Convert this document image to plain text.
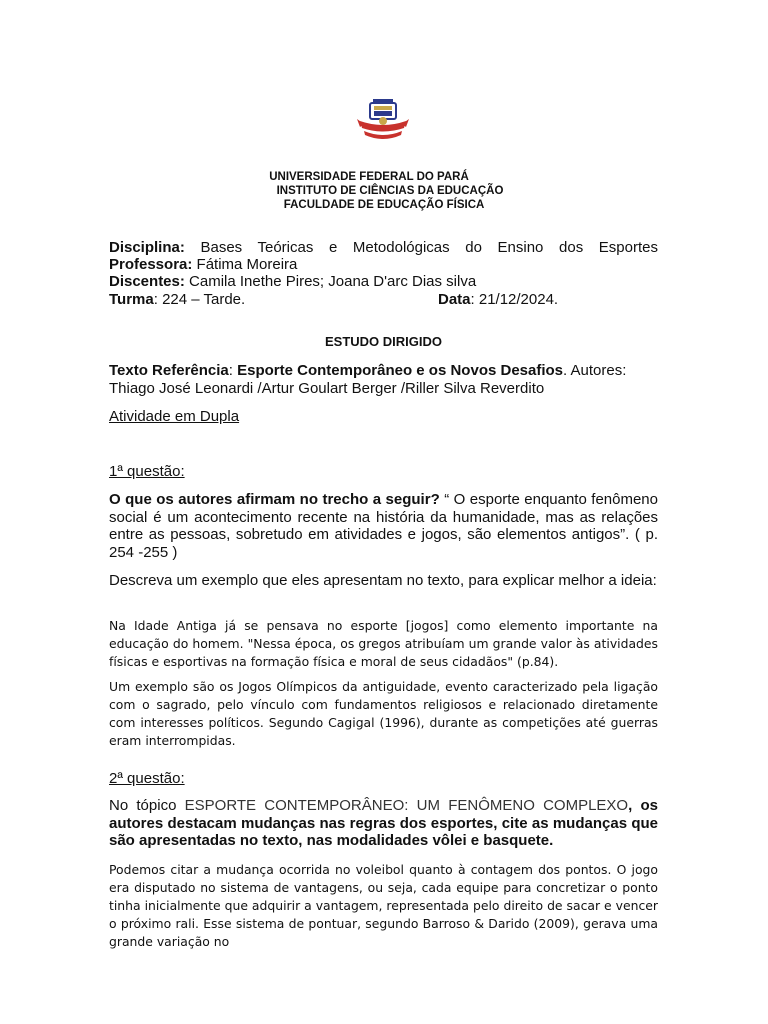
UNIVERSIDADE FEDERAL DO PARÁ
INSTITUTO DE CIÊNCIAS DA EDUCAÇÃO
FACULDADE DE EDUCAÇÃO FÍSICA
Disciplina: Bases Teóricas e Metodológicas do Ensino dos Esportes
Professora: Fátima Moreira
Discentes: Camila Inethe Pires; Joana D'arc Dias silva
Turma: 224 – Tarde.	Data: 21/12/2024.
ESTUDO DIRIGIDO
Texto Referência: Esporte Contemporâneo e os Novos Desafios. Autores: Thiago José Leonardi /Artur Goulart Berger /Riller Silva Reverdito
Atividade em Dupla
1ª questão:
O que os autores afirmam no trecho a seguir? “ O esporte enquanto fenômeno social é um acontecimento recente na história da humanidade, mas as relações entre as pessoas, sobretudo em atividades e jogos, são elementos antigos”. ( p. 254 -255 )
Descreva um exemplo que eles apresentam no texto, para explicar melhor a ideia:
Na Idade Antiga já se pensava no esporte [jogos] como elemento importante na educação do homem. "Nessa época, os gregos atribuíam um grande valor às atividades físicas e esportivas na formação física e moral de seus cidadãos" (p.84).
Um exemplo são os Jogos Olímpicos da antiguidade, evento caracterizado pela ligação com o sagrado, pelo vínculo com fundamentos religiosos e relacionado diretamente com interesses políticos. Segundo Cagigal (1996), durante as competições até guerras eram interrompidas.
2ª questão:
No tópico ESPORTE CONTEMPORÂNEO: UM FENÔMENO COMPLEXO, os autores destacam mudanças nas regras dos esportes, cite as mudanças que são apresentadas no texto, nas modalidades vôlei e basquete.
Podemos citar a mudança ocorrida no voleibol quanto à contagem dos pontos. O jogo era disputado no sistema de vantagens, ou seja, cada equipe para concretizar o ponto tinha inicialmente que adquirir a vantagem, representada pelo direito de sacar e vencer o próximo rali. Esse sistema de pontuar, segundo Barroso & Darido (2009), gerava uma grande variação no
